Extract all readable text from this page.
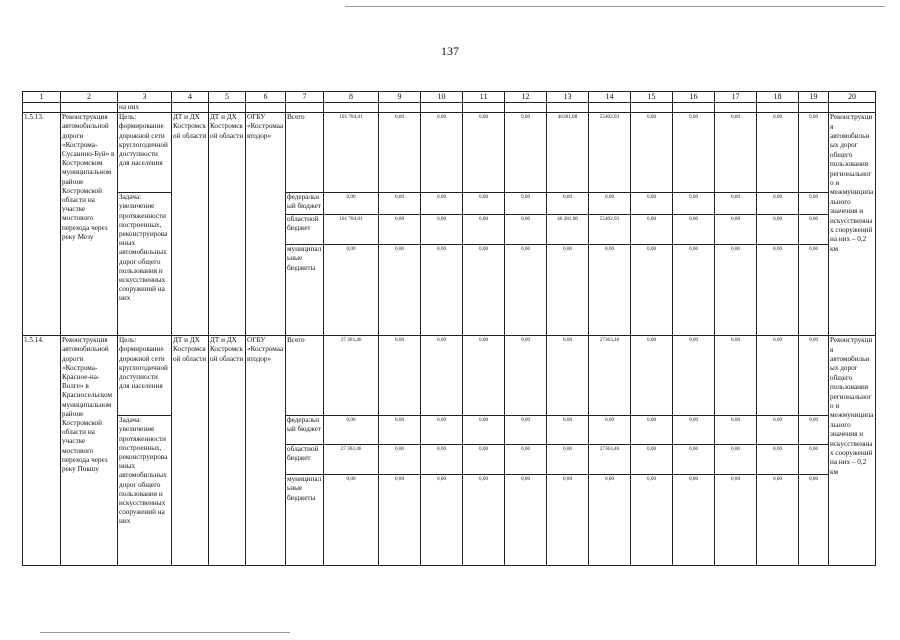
137
1	2	3	4	5	6	7	8	9	10	11	12	13	14	15	16	17	18	19	20
		на них																	
1.5.13.	Реконструкция автомобильной дороги «Кострома-Сусанино-Буй» в Костромском муниципальном районе Костромской области на участке мостового перехода через реку Мезу	Цель: формирование дорожной сети круглогодичной доступности для населения	ДТ и ДХ Костромской области	ДТ и ДХ Костромской области	ОГБУ «Костромаавтодор»	Всего	101 784,01	0,00	0,00	0,00	0,00	46381,08	55402,93	0,00	0,00	0,00	0,00	0,00	Реконструкция автомобильных дорог общего пользования регионального и межмуниципального значения и искусственных сооружений на них – 0,2 км
		Задача: увеличение протяженности построенных, реконструированных автомобильных дорог общего пользования и искусственных сооружений на них				федеральный бюджет	0,00	0,00	0,00	0,00	0,00	0,00	0,00	0,00	0,00	0,00	0,00	0,00	
						областной бюджет	101 784,01	0,00	0,00	0,00	0,00	46 381,08	55402,93	0,00	0,00	0,00	0,00	0,00	
						муниципальные бюджеты	0,00	0,00	0,00	0,00	0,00	0,00	0,00	0,00	0,00	0,00	0,00	0,00	
1.5.14.	Реконструкция автомобильной дороги «Кострома-Красное-на-Волге» в Красносельском муниципальном районе Костромской области на участке мостового перехода через реку Покшу	Цель: формирование дорожной сети круглогодичной доступности для населения	ДТ и ДХ Костромской области	ДТ и ДХ Костромской области	ОГБУ «Костромаавтодор»	Всего	27 363,46	0,00	0,00	0,00	0,00	0,00	27363,46	0,00	0,00	0,00	0,00	0,00	Реконструкция автомобильных дорог общего пользования регионального и межмуниципального значения и искусственных сооружений на них – 0,2 км
		Задача: увеличение протяженности построенных, реконструированных автомобильных дорог общего пользования и искусственных сооружений на них				федеральный бюджет	0,00	0,00	0,00	0,00	0,00	0,00	0,00	0,00	0,00	0,00	0,00	0,00	
						областной бюджет	27 363,46	0,00	0,00	0,00	0,00	0,00	27363,46	0,00	0,00	0,00	0,00	0,00	
						муниципальные бюджеты	0,00	0,00	0,00	0,00	0,00	0,00	0,00	0,00	0,00	0,00	0,00	0,00	
